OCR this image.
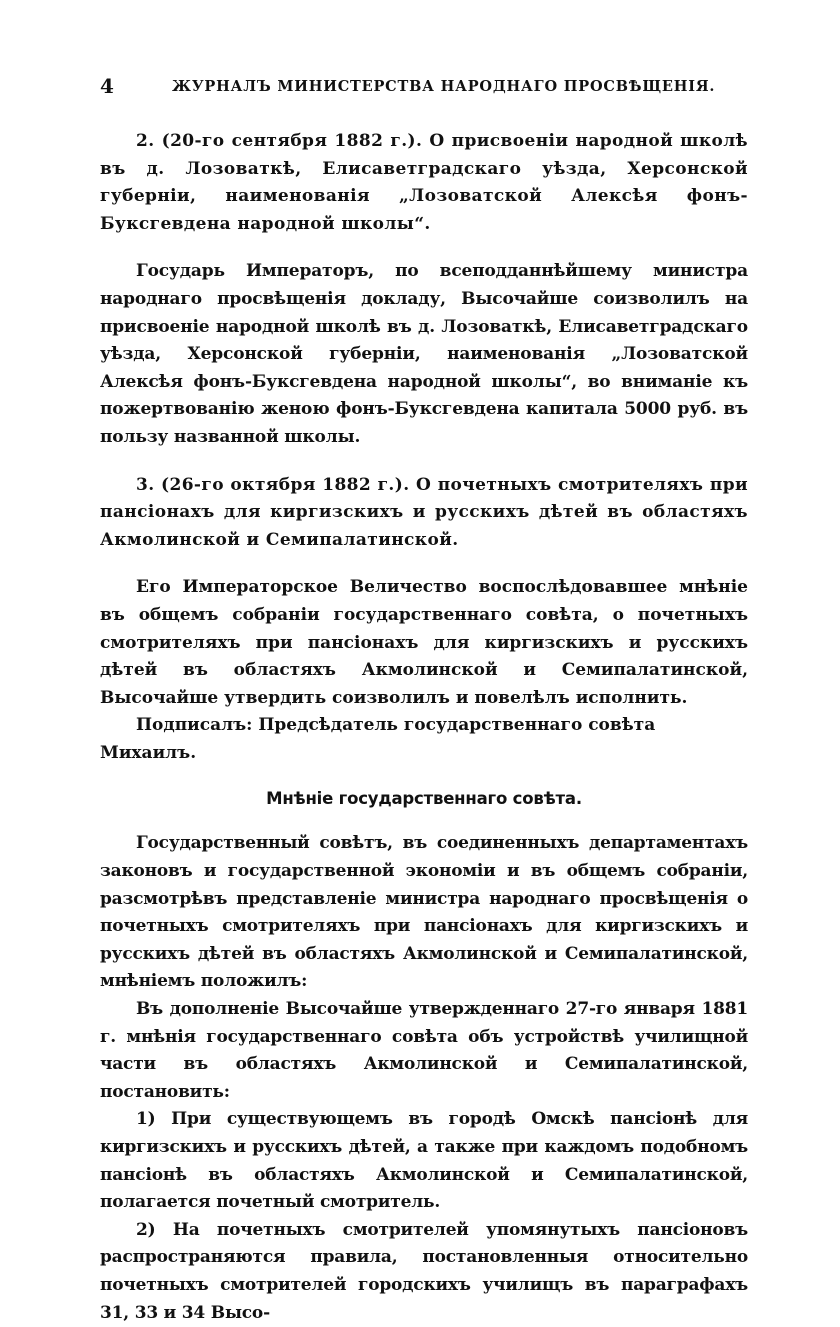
4	ЖУРНАЛЪ МИНИСТЕРСТВА НАРОДНАГО ПРОСВѢЩЕНІЯ.

2. (20-го сентября 1882 г.). О присвоенiи народной школѣ въ д. Лозоваткѣ, Елисаветградскаго уѣзда, Херсонской губернiи, наименованiя „Лозоватской Алексѣя фонъ-Буксгевдена народной школы“.

Государь Императоръ, по всеподданнѣйшему министра народнаго просвѣщенiя докладу, Высочайше соизволилъ на присвоенiе народной школѣ въ д. Лозоваткѣ, Елисаветградскаго уѣзда, Херсонской губернiи, наименованiя „Лозоватской Алексѣя фонъ-Буксгевдена народной школы“, во вниманiе къ пожертвованiю женою фонъ-Буксгевдена капитала 5000 руб. въ пользу названной школы.

3. (26-го октября 1882 г.). О почетныхъ смотрителяхъ при пансiонахъ для киргизскихъ и русскихъ дѣтей въ областяхъ Акмолинской и Семипалатинской.

Его Императорское Величество воспослѣдовавшее мнѣнiе въ общемъ собранiи государственнаго совѣта, о почетныхъ смотрителяхъ при пансiонахъ для киргизскихъ и русскихъ дѣтей въ областяхъ Акмолинской и Семипалатинской, Высочайше утвердить соизволилъ и повелѣлъ исполнить.

Подписалъ: Предсѣдатель государственнаго совѣта Михаилъ.

Мнѣнiе государственнаго совѣта.

Государственный совѣтъ, въ соединенныхъ департаментахъ законовъ и государственной экономiи и въ общемъ собранiи, разсмотрѣвъ представленiе министра народнаго просвѣщенiя о почетныхъ смотрителяхъ при пансiонахъ для киргизскихъ и русскихъ дѣтей въ областяхъ Акмолинской и Семипалатинской, мнѣнiемъ положилъ:

Въ дополненiе Высочайше утвержденнаго 27-го января 1881 г. мнѣнiя государственнаго совѣта объ устройствѣ училищной части въ областяхъ Акмолинской и Семипалатинской, постановить:

1) При существующемъ въ городѣ Омскѣ пансiонѣ для киргизскихъ и русскихъ дѣтей, а также при каждомъ подобномъ пансiонѣ въ областяхъ Акмолинской и Семипалатинской, полагается почетный смотритель.

2) На почетныхъ смотрителей упомянутыхъ пансiоновъ распространяются правила, постановленныя относительно почетныхъ смотрителей городскихъ училищъ въ параграфахъ 31, 33 и 34 Высо-
